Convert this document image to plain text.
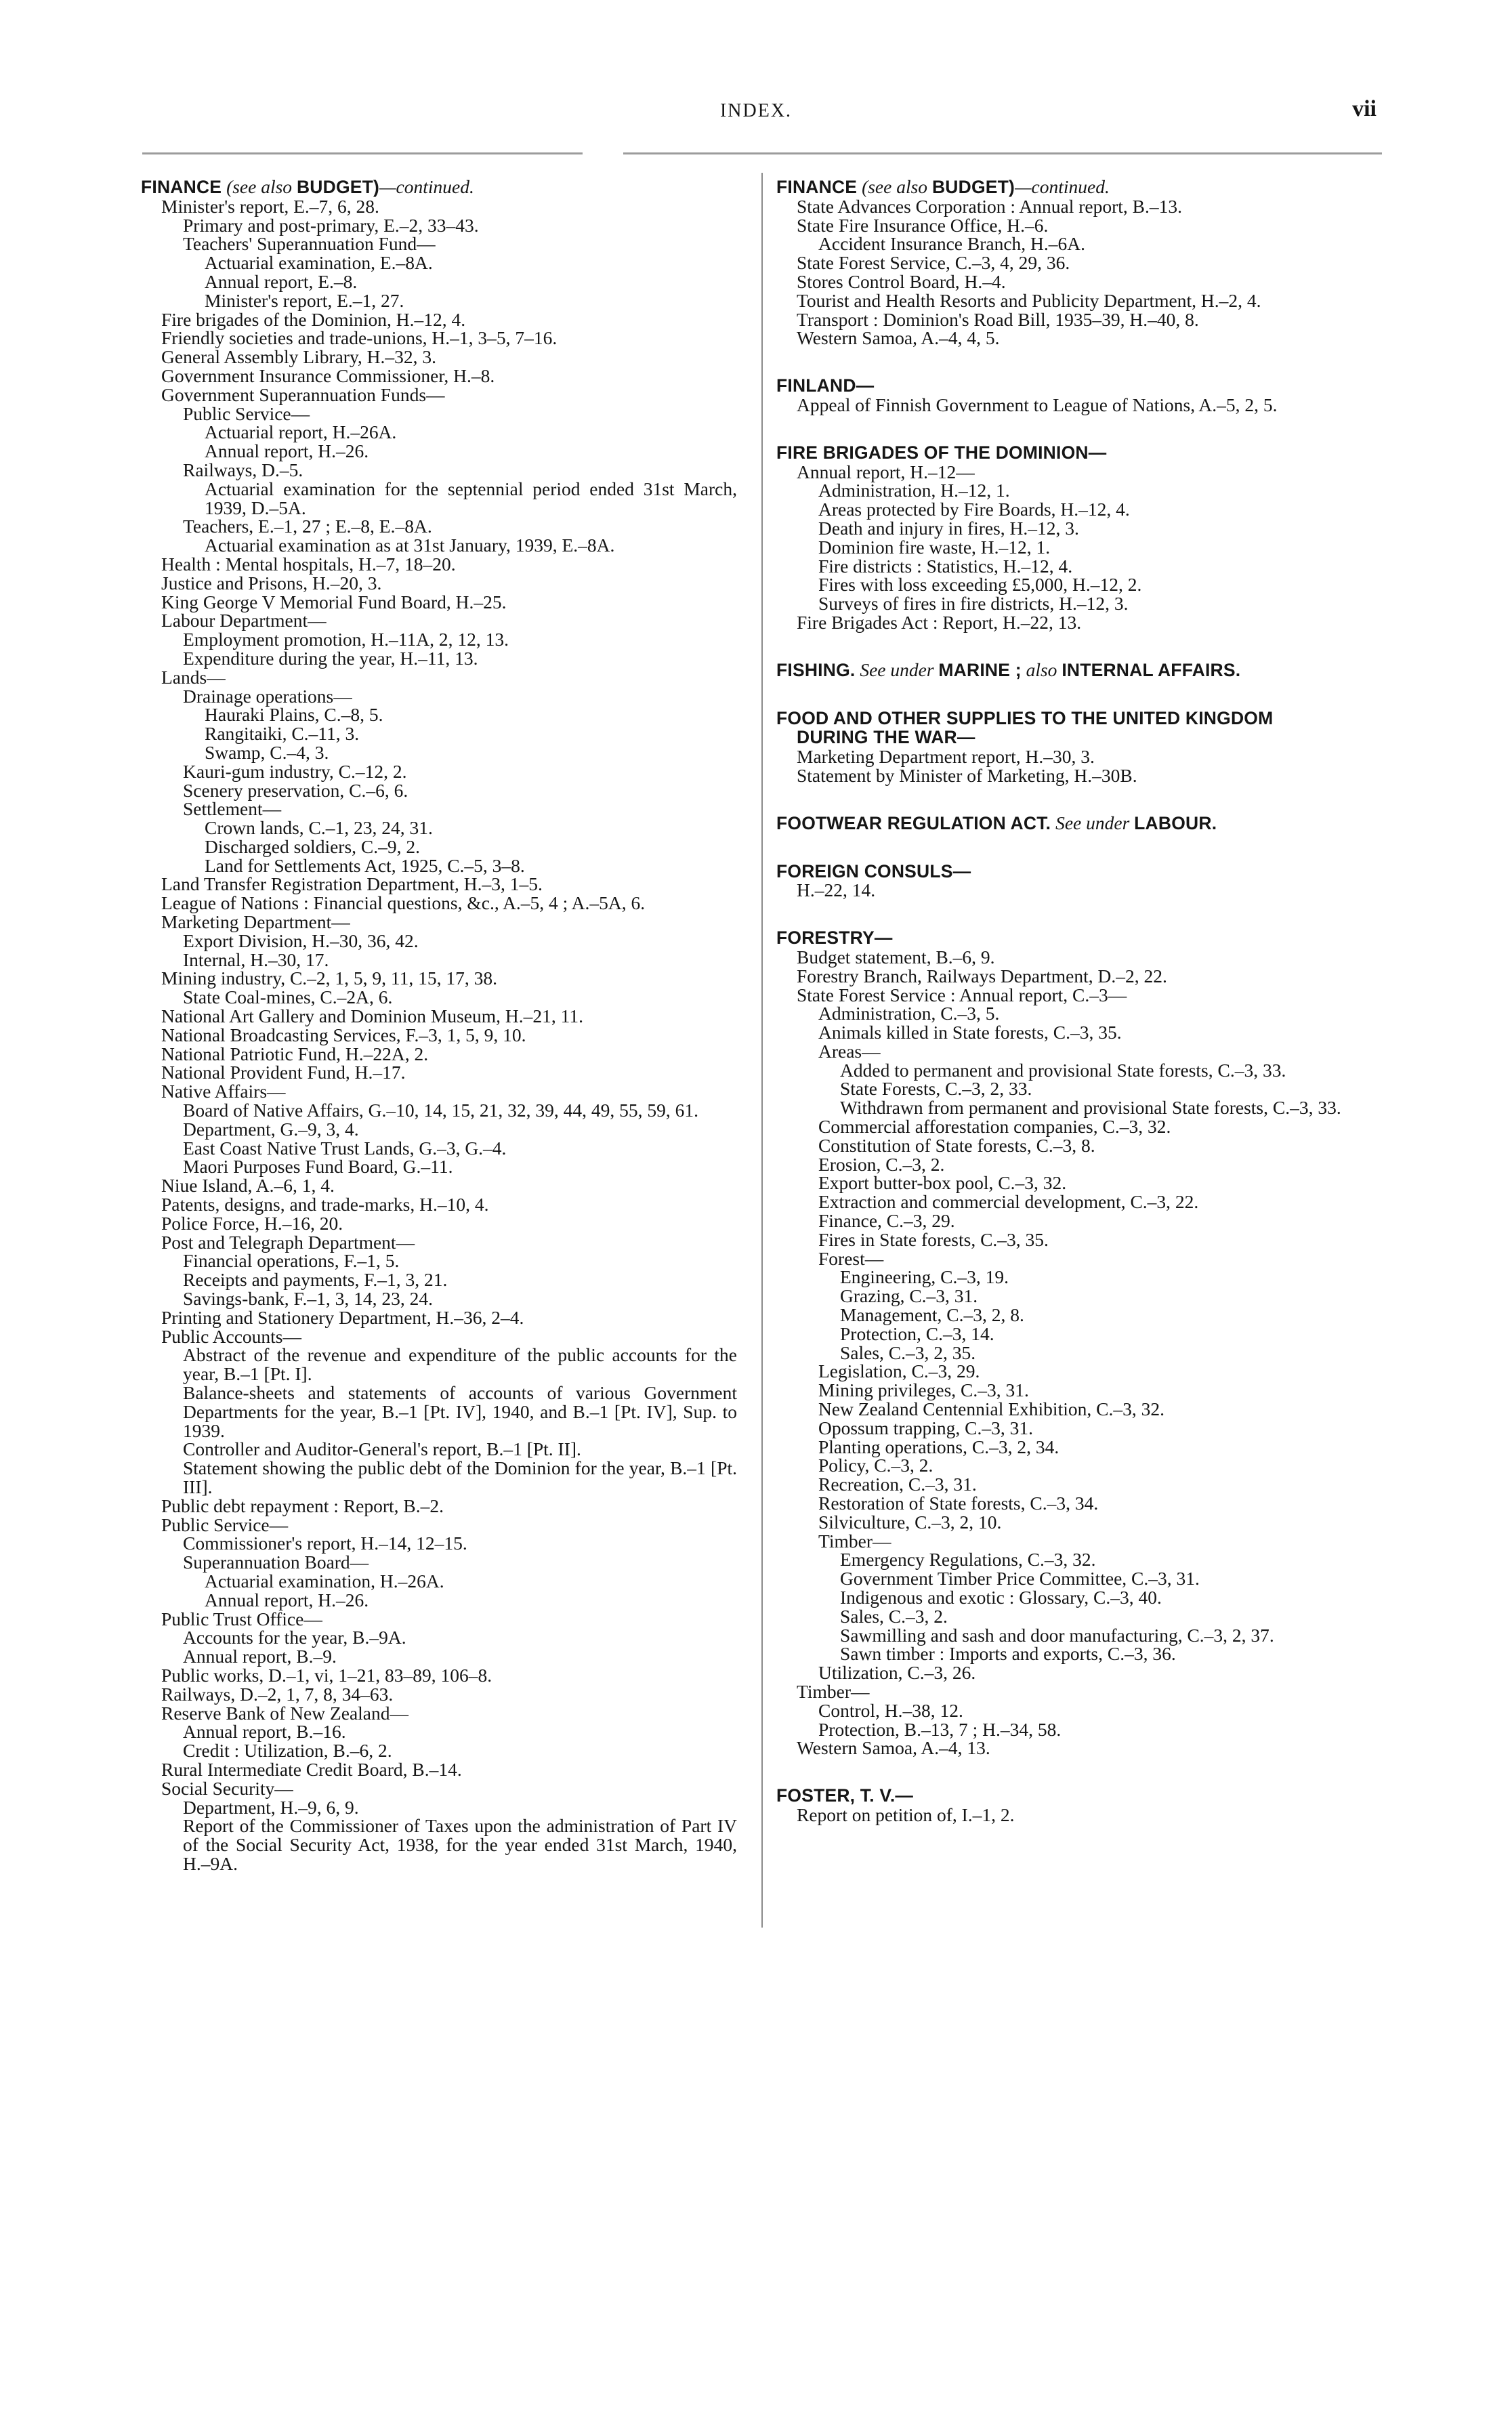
INDEX.	vii
FINANCE (see also BUDGET)—continued.
Minister's report, E.–7, 6, 28.
Primary and post-primary, E.–2, 33–43.
Teachers' Superannuation Fund—
Actuarial examination, E.–8A.
Annual report, E.–8.
Minister's report, E.–1, 27.
Fire brigades of the Dominion, H.–12, 4.
Friendly societies and trade-unions, H.–1, 3–5, 7–16.
General Assembly Library, H.–32, 3.
Government Insurance Commissioner, H.–8.
Government Superannuation Funds—
Public Service—
Actuarial report, H.–26A.
Annual report, H.–26.
Railways, D.–5.
Actuarial examination for the septennial period ended 31st March, 1939, D.–5A.
Teachers, E.–1, 27 ; E.–8, E.–8A.
Actuarial examination as at 31st January, 1939, E.–8A.
Health : Mental hospitals, H.–7, 18–20.
Justice and Prisons, H.–20, 3.
King George V Memorial Fund Board, H.–25.
Labour Department—
Employment promotion, H.–11A, 2, 12, 13.
Expenditure during the year, H.–11, 13.
Lands—
Drainage operations—
Hauraki Plains, C.–8, 5.
Rangitaiki, C.–11, 3.
Swamp, C.–4, 3.
Kauri-gum industry, C.–12, 2.
Scenery preservation, C.–6, 6.
Settlement—
Crown lands, C.–1, 23, 24, 31.
Discharged soldiers, C.–9, 2.
Land for Settlements Act, 1925, C.–5, 3–8.
Land Transfer Registration Department, H.–3, 1–5.
League of Nations : Financial questions, &c., A.–5, 4 ; A.–5A, 6.
Marketing Department—
Export Division, H.–30, 36, 42.
Internal, H.–30, 17.
Mining industry, C.–2, 1, 5, 9, 11, 15, 17, 38.
State Coal-mines, C.–2A, 6.
National Art Gallery and Dominion Museum, H.–21, 11.
National Broadcasting Services, F.–3, 1, 5, 9, 10.
National Patriotic Fund, H.–22A, 2.
National Provident Fund, H.–17.
Native Affairs—
Board of Native Affairs, G.–10, 14, 15, 21, 32, 39, 44, 49, 55, 59, 61.
Department, G.–9, 3, 4.
East Coast Native Trust Lands, G.–3, G.–4.
Maori Purposes Fund Board, G.–11.
Niue Island, A.–6, 1, 4.
Patents, designs, and trade-marks, H.–10, 4.
Police Force, H.–16, 20.
Post and Telegraph Department—
Financial operations, F.–1, 5.
Receipts and payments, F.–1, 3, 21.
Savings-bank, F.–1, 3, 14, 23, 24.
Printing and Stationery Department, H.–36, 2–4.
Public Accounts—
Abstract of the revenue and expenditure of the public accounts for the year, B.–1 [Pt. I].
Balance-sheets and statements of accounts of various Government Departments for the year, B.–1 [Pt. IV], 1940, and B.–1 [Pt. IV], Sup. to 1939.
Controller and Auditor-General's report, B.–1 [Pt. II].
Statement showing the public debt of the Dominion for the year, B.–1 [Pt. III].
Public debt repayment : Report, B.–2.
Public Service—
Commissioner's report, H.–14, 12–15.
Superannuation Board—
Actuarial examination, H.–26A.
Annual report, H.–26.
Public Trust Office—
Accounts for the year, B.–9A.
Annual report, B.–9.
Public works, D.–1, vi, 1–21, 83–89, 106–8.
Railways, D.–2, 1, 7, 8, 34–63.
Reserve Bank of New Zealand—
Annual report, B.–16.
Credit : Utilization, B.–6, 2.
Rural Intermediate Credit Board, B.–14.
Social Security—
Department, H.–9, 6, 9.
Report of the Commissioner of Taxes upon the administration of Part IV of the Social Security Act, 1938, for the year ended 31st March, 1940, H.–9A.
FINANCE (see also BUDGET)—continued.
State Advances Corporation : Annual report, B.–13.
State Fire Insurance Office, H.–6.
Accident Insurance Branch, H.–6A.
State Forest Service, C.–3, 4, 29, 36.
Stores Control Board, H.–4.
Tourist and Health Resorts and Publicity Department, H.–2, 4.
Transport : Dominion's Road Bill, 1935–39, H.–40, 8.
Western Samoa, A.–4, 4, 5.
FINLAND—
Appeal of Finnish Government to League of Nations, A.–5, 2, 5.
FIRE BRIGADES OF THE DOMINION—
Annual report, H.–12—
Administration, H.–12, 1.
Areas protected by Fire Boards, H.–12, 4.
Death and injury in fires, H.–12, 3.
Dominion fire waste, H.–12, 1.
Fire districts : Statistics, H.–12, 4.
Fires with loss exceeding £5,000, H.–12, 2.
Surveys of fires in fire districts, H.–12, 3.
Fire Brigades Act : Report, H.–22, 13.
FISHING. See under MARINE ; also INTERNAL AFFAIRS.
FOOD AND OTHER SUPPLIES TO THE UNITED KINGDOM
DURING THE WAR—
Marketing Department report, H.–30, 3.
Statement by Minister of Marketing, H.–30B.
FOOTWEAR REGULATION ACT. See under LABOUR.
FOREIGN CONSULS—
H.–22, 14.
FORESTRY—
Budget statement, B.–6, 9.
Forestry Branch, Railways Department, D.–2, 22.
State Forest Service : Annual report, C.–3—
Administration, C.–3, 5.
Animals killed in State forests, C.–3, 35.
Areas—
Added to permanent and provisional State forests, C.–3, 33.
State Forests, C.–3, 2, 33.
Withdrawn from permanent and provisional State forests, C.–3, 33.
Commercial afforestation companies, C.–3, 32.
Constitution of State forests, C.–3, 8.
Erosion, C.–3, 2.
Export butter-box pool, C.–3, 32.
Extraction and commercial development, C.–3, 22.
Finance, C.–3, 29.
Fires in State forests, C.–3, 35.
Forest—
Engineering, C.–3, 19.
Grazing, C.–3, 31.
Management, C.–3, 2, 8.
Protection, C.–3, 14.
Sales, C.–3, 2, 35.
Legislation, C.–3, 29.
Mining privileges, C.–3, 31.
New Zealand Centennial Exhibition, C.–3, 32.
Opossum trapping, C.–3, 31.
Planting operations, C.–3, 2, 34.
Policy, C.–3, 2.
Recreation, C.–3, 31.
Restoration of State forests, C.–3, 34.
Silviculture, C.–3, 2, 10.
Timber—
Emergency Regulations, C.–3, 32.
Government Timber Price Committee, C.–3, 31.
Indigenous and exotic : Glossary, C.–3, 40.
Sales, C.–3, 2.
Sawmilling and sash and door manufacturing, C.–3, 2, 37.
Sawn timber : Imports and exports, C.–3, 36.
Utilization, C.–3, 26.
Timber—
Control, H.–38, 12.
Protection, B.–13, 7 ; H.–34, 58.
Western Samoa, A.–4, 13.
FOSTER, T. V.—
Report on petition of, I.–1, 2.
